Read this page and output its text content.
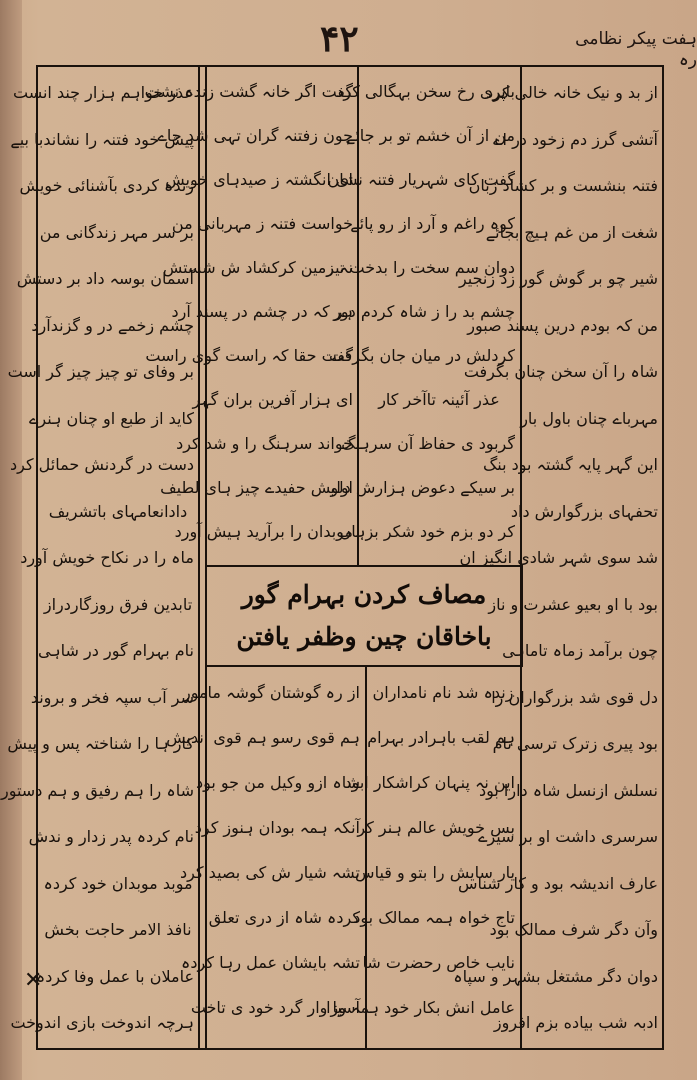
۴۲	ہفت پیکر نظامی رہ
از بد و نیک خانہ خالی کرد
آتشی گرز دم زخود در اے
فتنہ بنشست و بر کشاد زبان
شغت از من غم ہیچ بجائے
شیر چو بر گوش گور زد زنجیر
من کہ بودم درین پسند صبور
شاہ را آن سخن چنان بگرفت
مہرباے چنان باول بار
این گہر پایہ گشتہ بود بنگ
تحفہای بزرگوارش داد
شد سوی شہر شادی انگیز ان
بود با او بعیو عشرت و ناز
چون برآمد زماہ تاماہی
دل قوی شد بزرگواران را
بود پیری زترک ترسی نام
نسلش ازنسل شاہ دارا بود
سرسری داشت او بر سیرے
عارف اندیشہ بود و کار شناس
وآن دگر شرف ممالک بود
دوان دگر مشتغل بشہر و سپاہ
ادبہ شب بیاده بزم افروز
باپری رخ سخن بہگالی کرد
من از آن خشم تو بر جائے
گفت کای شہریار فتنہ نشان
کوہ راغم و آرد از رو پائے
دوان سم سخت را بدخت تیر
چشم بد را ز شاہ کردم دور
کردلش در میان جان بگرفت
عذر آئینہ تاآخر کار
گربود ی حفاظ آن سرہنگ
بر سیکے دعوض ہزارش دلو
کر دو بزم خود شکر بزہاں
گفت اگر خانہ گشت زندہ نشت
چون زفتنہ گران تہی شد جاے
ای انگشتہ ز صیدہای خویش
خواست فتنہ ز مہربانی من
نہ زمین کرکشاد ش شستش
ہر کہ در چشم در پسند آرد
گفت حقا کہ راست گوی راست
ای ہزار آفرین بران گہر
خواند سرہنگ را و شد کرد
اولیش حفیدے چیز ہای لطیف
موبدان را برآرید ہیش آورد
عذر خواہم ہزار چند انست
پیش خود فتنہ را نشاندبا بیے
زندہ کردی بآشنائی خویش
بر سر مہر زندگانی من
آسمان بوسہ داد بر دستش
چشم زخمے در و گزندآرد
بر وفای تو چیز چیز گر است
کاید از طبع او چنان ہنرے
دست در گردنش حمائل کرد
دادانعامہای باتشریف
ماہ را در نکاح خویش آورد
تابدین فرق روزگاردراز
نام بہرام گور در شاہی
سر آب سپہ فخر و بروند
کار ہا را شناختہ پس و پیش
شاہ را ہم رفیق و ہم دستور
نام کردہ پدر زدار و ندش
موبد موبدان خود کردہ
نافذ الامر حاجت بخش
عاملان با عمل وفا کردہ
ہرچہ اندوخت بازی اندوخت
زندہ شد نام نامداران
ہم لقب باہرادر بہرام
این نہ پنہان کراشکار ابود
بس خویش عالم ہنر کر
یار سایش را بتو و قیاس
تاج خواہ ہمہ ممالک بود
نایب خاص رحضرت شا
عامل انش بکار خود ہمہ وزا
از رہ گوشتان گوشہ مامور
ہم قوی رسو ہم قوی اندیش
شاہ ازو وکیل من جو بود
آنکہ ہمہ بودان ہنوز کرد
تشہ شیار ش کی بصید کرد
کردہ شاہ از دری تعلق
تشہ بایشان عمل رہا کردہ
آسیا وار گرد خود ی تاخت
مصاف کردن بہرام گور
باخاقان چین وظفر یافتن
✕
